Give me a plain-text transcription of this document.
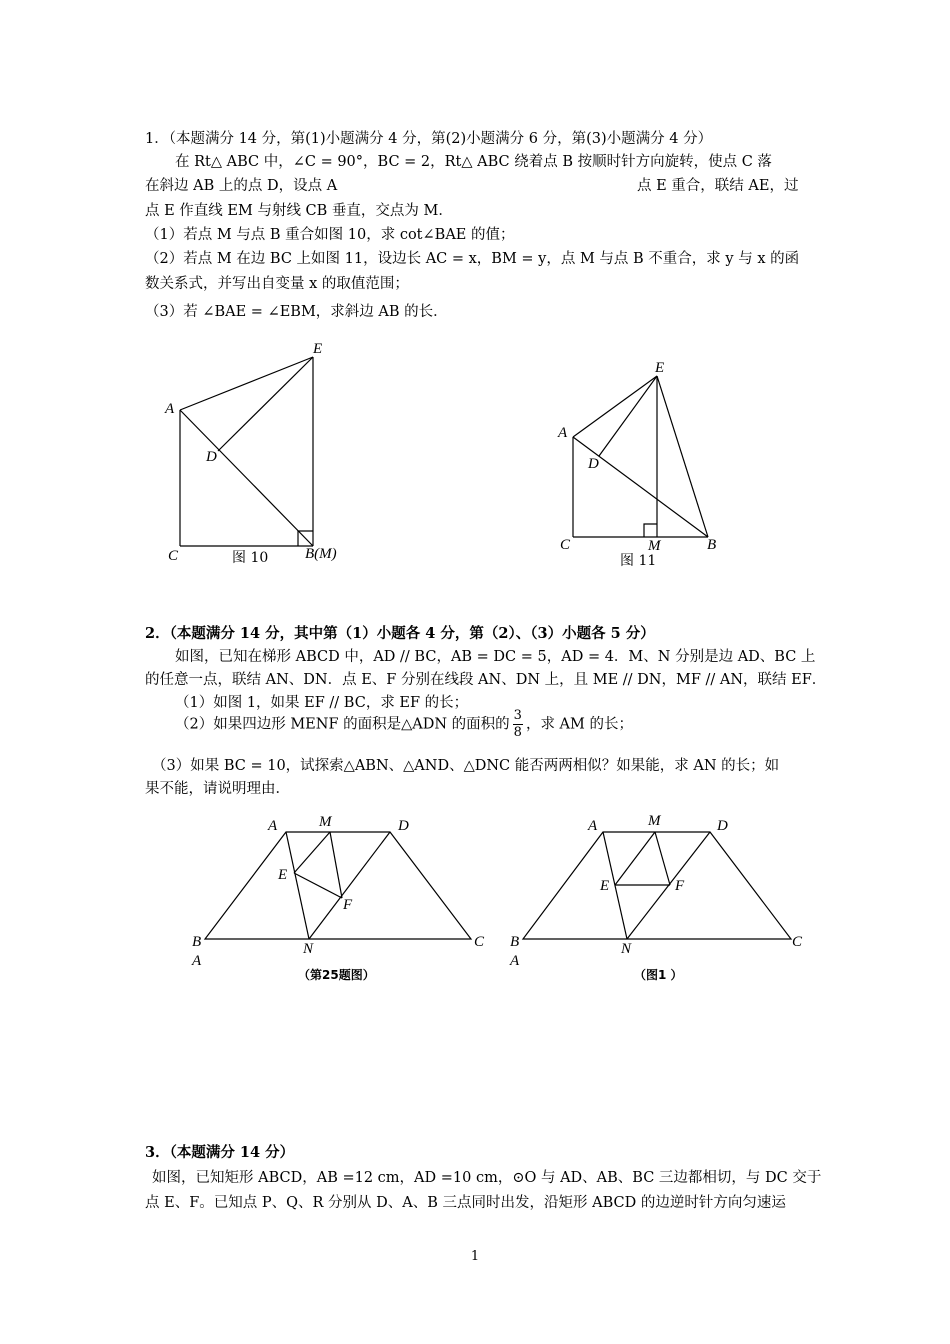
1．（本题满分 14 分，第(1)小题满分 4 分，第(2)小题满分 6 分，第(3)小题满分 4 分）
在 Rt△ ABC 中，∠C = 90°，BC = 2，Rt△ ABC 绕着点 B 按顺时针方向旋转，使点 C 落
在斜边 AB 上的点 D，设点 A	点 E 重合，联结 AE，过
点 E 作直线 EM 与射线 CB 垂直，交点为 M．
（1）若点 M 与点 B 重合如图 10，求 cot∠BAE 的值；
（2）若点 M 在边 BC 上如图 11，设边长 AC = x，BM = y，点 M 与点 B 不重合，求 y 与 x 的函
数关系式，并写出自变量 x 的取值范围；
（3）若 ∠BAE = ∠EBM，求斜边 AB 的长．
A
C
D
E
B(M)
图 10
A
C
D
E
M	B
图 11
2．（本题满分 14 分，其中第（1）小题各 4 分，第（2）、（3）小题各 5 分）
如图，已知在梯形 ABCD 中，AD // BC，AB = DC = 5，AD = 4．M、N 分别是边 AD、BC 上
的任意一点，联结 AN、DN．点 E、F 分别在线段 AN、DN 上，且 ME // DN，MF // AN，联结 EF．
（1）如图 1，如果 EF // BC，求 EF 的长；
（2）如果四边形 MENF 的面积是△ADN 的面积的 $\frac{3}{8}$ ，求 AM 的长；
（3）如果 BC = 10，试探索△ABN、△AND、△DNC 能否两两相似？如果能，求 AN 的长；如
果不能，请说明理由．
A	M	D
E
F
B	N	C
A
（第25题图）
A	M	D
E	F
B	N	C
A
（图1 ）
3．（本题满分 14 分）
如图，已知矩形 ABCD，AB =12 cm，AD =10 cm，⊙O 与 AD、AB、BC 三边都相切，与 DC 交于
点 E、F。已知点 P、Q、R 分别从 D、A、B 三点同时出发，沿矩形 ABCD 的边逆时针方向匀速运
1
